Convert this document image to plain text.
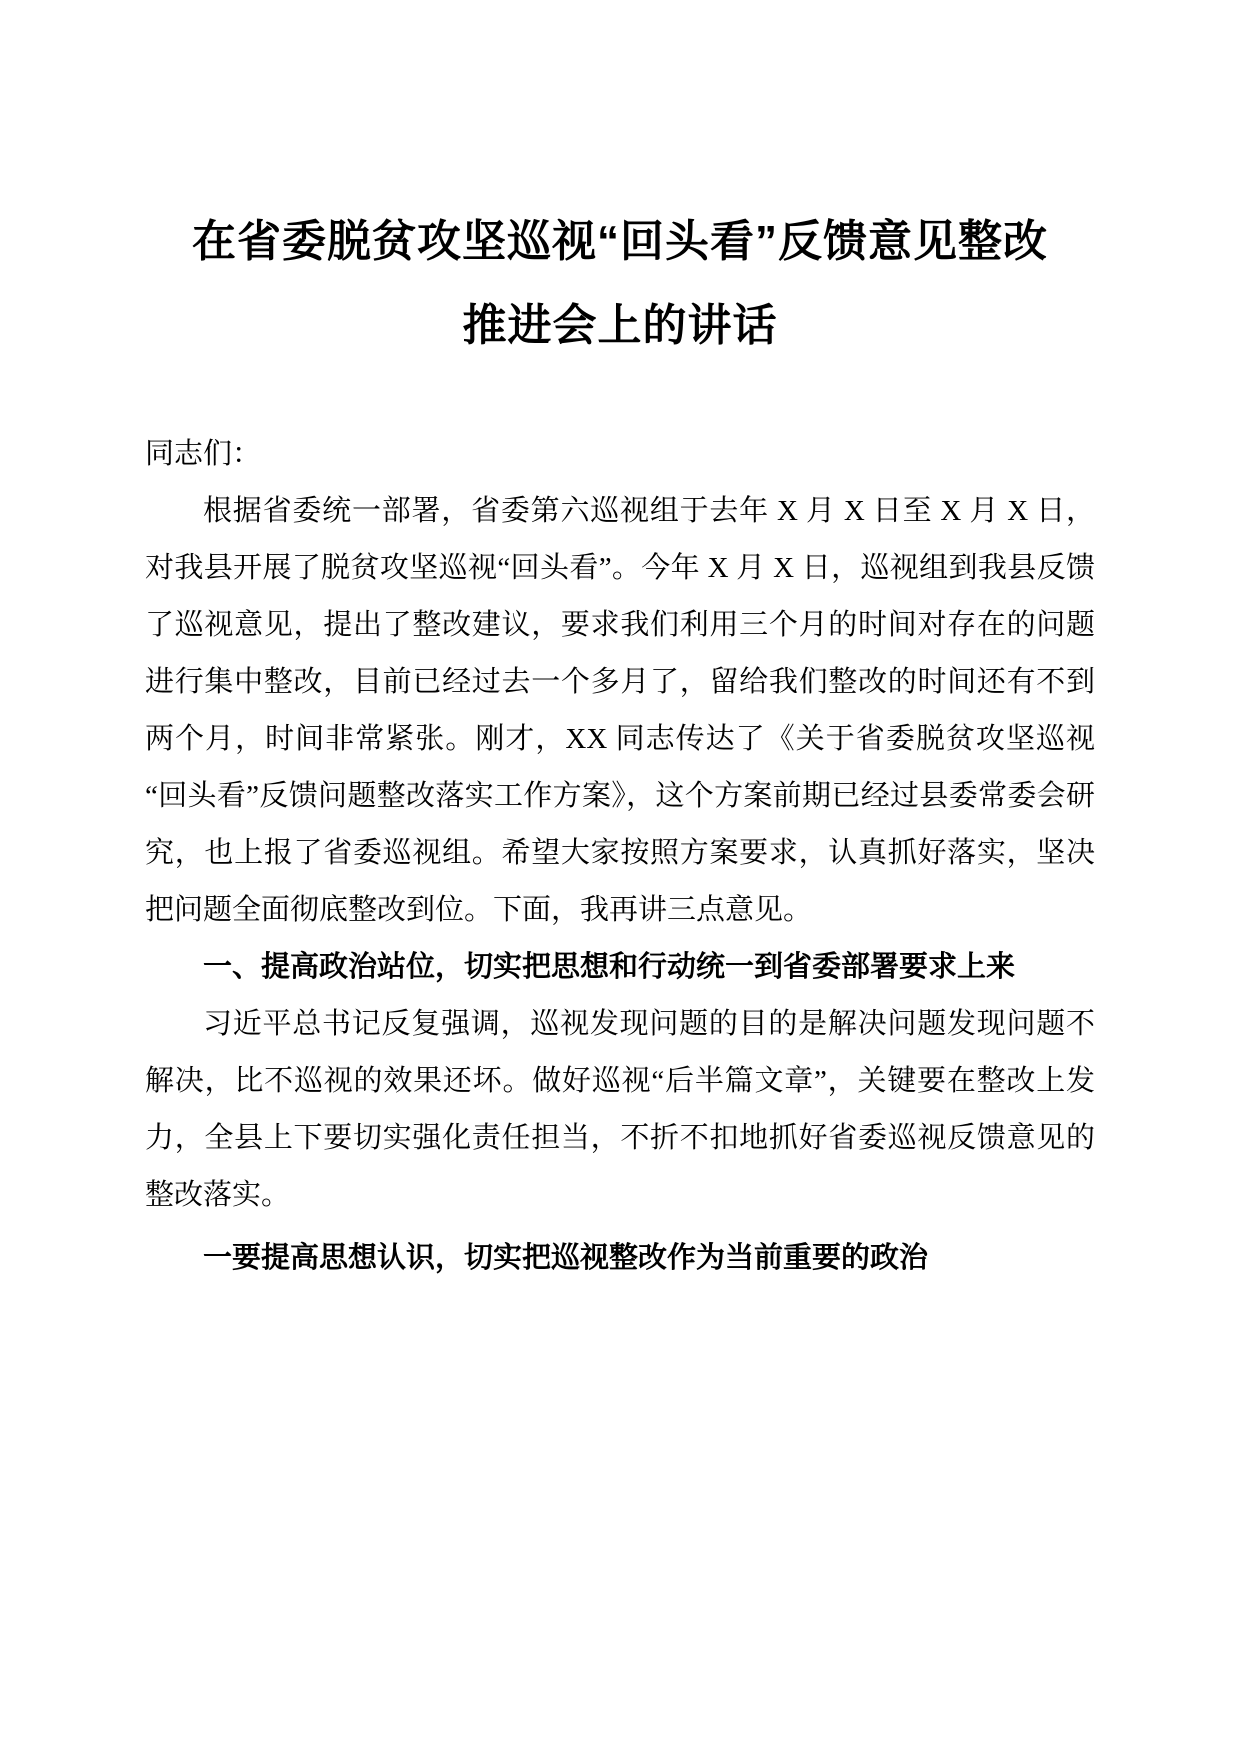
在省委脱贫攻坚巡视“回头看”反馈意见整改
推进会上的讲话

同志们：

根据省委统一部署，省委第六巡视组于去年 X 月 X 日至 X 月 X 日，对我县开展了脱贫攻坚巡视“回头看”。今年 X 月 X 日，巡视组到我县反馈了巡视意见，提出了整改建议，要求我们利用三个月的时间对存在的问题进行集中整改，目前已经过去一个多月了，留给我们整改的时间还有不到两个月，时间非常紧张。刚才，XX 同志传达了《关于省委脱贫攻坚巡视“回头看”反馈问题整改落实工作方案》，这个方案前期已经过县委常委会研究，也上报了省委巡视组。希望大家按照方案要求，认真抓好落实，坚决把问题全面彻底整改到位。下面，我再讲三点意见。

一、提高政治站位，切实把思想和行动统一到省委部署要求上来

习近平总书记反复强调，巡视发现问题的目的是解决问题发现问题不解决，比不巡视的效果还坏。做好巡视“后半篇文章”，关键要在整改上发力，全县上下要切实强化责任担当，不折不扣地抓好省委巡视反馈意见的整改落实。

一要提高思想认识，切实把巡视整改作为当前重要的政治
